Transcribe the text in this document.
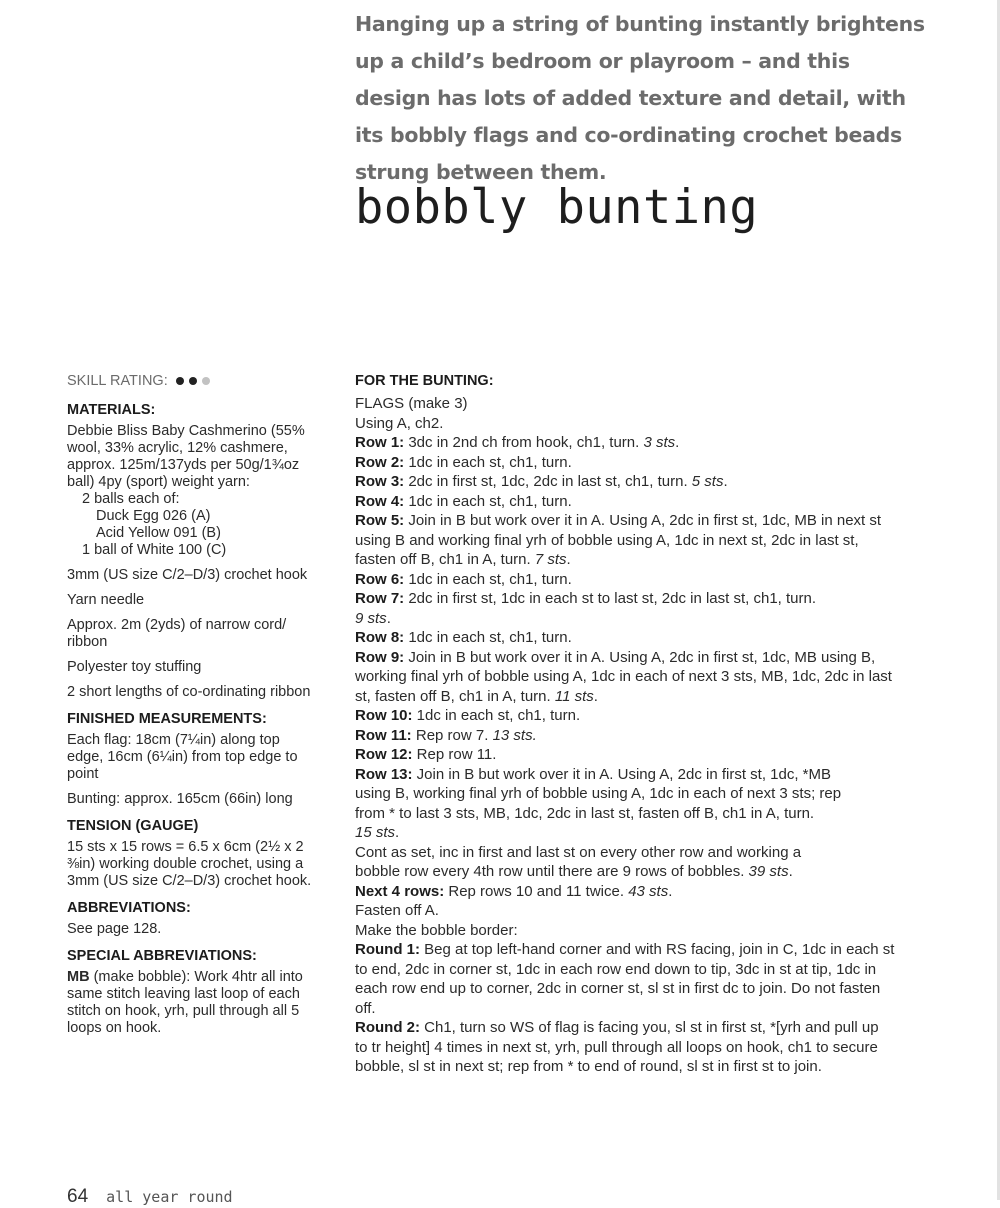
Hanging up a string of bunting instantly brightens up a child’s bedroom or playroom – and this design has lots of added texture and detail, with its bobbly flags and co-ordinating crochet beads strung between them.

bobbly bunting
SKILL RATING:
MATERIALS:
Debbie Bliss Baby Cashmerino (55% wool, 33% acrylic, 12% cashmere, approx. 125m/137yds per 50g/1¾oz ball) 4py (sport) weight yarn:
2 balls each of:
Duck Egg 026 (A)
Acid Yellow 091 (B)
1 ball of White 100 (C)

3mm (US size C/2–D/3) crochet hook

Yarn needle

Approx. 2m (2yds) of narrow cord/ ribbon

Polyester toy stuffing

2 short lengths of co-ordinating ribbon

FINISHED MEASUREMENTS:

Each flag: 18cm (7¼in) along top edge, 16cm (6¼in) from top edge to point

Bunting: approx. 165cm (66in) long

TENSION (GAUGE)

15 sts x 15 rows = 6.5 x 6cm (2½ x 2 ⅜in) working double crochet, using a 3mm (US size C/2–D/3) crochet hook.

ABBREVIATIONS:

See page 128.

SPECIAL ABBREVIATIONS:

MB (make bobble): Work 4htr all into same stitch leaving last loop of each stitch on hook, yrh, pull through all 5 loops on hook.

FOR THE BUNTING:

FLAGS (make 3)

Using A, ch2.

Row 1: 3dc in 2nd ch from hook, ch1, turn. 3 sts.

Row 2: 1dc in each st, ch1, turn.

Row 3: 2dc in first st, 1dc, 2dc in last st, ch1, turn. 5 sts.

Row 4: 1dc in each st, ch1, turn.

Row 5: Join in B but work over it in A. Using A, 2dc in first st, 1dc, MB in next st using B and working final yrh of bobble using A, 1dc in next st, 2dc in last st, fasten off B, ch1 in A, turn. 7 sts.

Row 6: 1dc in each st, ch1, turn.

Row 7: 2dc in first st, 1dc in each st to last st, 2dc in last st, ch1, turn.
9 sts.

Row 8: 1dc in each st, ch1, turn.

Row 9: Join in B but work over it in A. Using A, 2dc in first st, 1dc, MB using B, working final yrh of bobble using A, 1dc in each of next 3 sts, MB, 1dc, 2dc in last st, fasten off B, ch1 in A, turn. 11 sts.

Row 10: 1dc in each st, ch1, turn.

Row 11: Rep row 7. 13 sts.

Row 12: Rep row 11.

Row 13: Join in B but work over it in A. Using A, 2dc in first st, 1dc, *MB using B, working final yrh of bobble using A, 1dc in each of next 3 sts; rep from * to last 3 sts, MB, 1dc, 2dc in last st, fasten off B, ch1 in A, turn.
15 sts.

Cont as set, inc in first and last st on every other row and working a bobble row every 4th row until there are 9 rows of bobbles. 39 sts.

Next 4 rows: Rep rows 10 and 11 twice. 43 sts.

Fasten off A.

Make the bobble border:

Round 1: Beg at top left-hand corner and with RS facing, join in C, 1dc in each st to end, 2dc in corner st, 1dc in each row end down to tip, 3dc in st at tip, 1dc in each row end up to corner, 2dc in corner st, sl st in first dc to join. Do not fasten off.

Round 2: Ch1, turn so WS of flag is facing you, sl st in first st, *[yrh and pull up to tr height] 4 times in next st, yrh, pull through all loops on hook, ch1 to secure bobble, sl st in next st; rep from * to end of round, sl st in first st to join.

64 all year round
